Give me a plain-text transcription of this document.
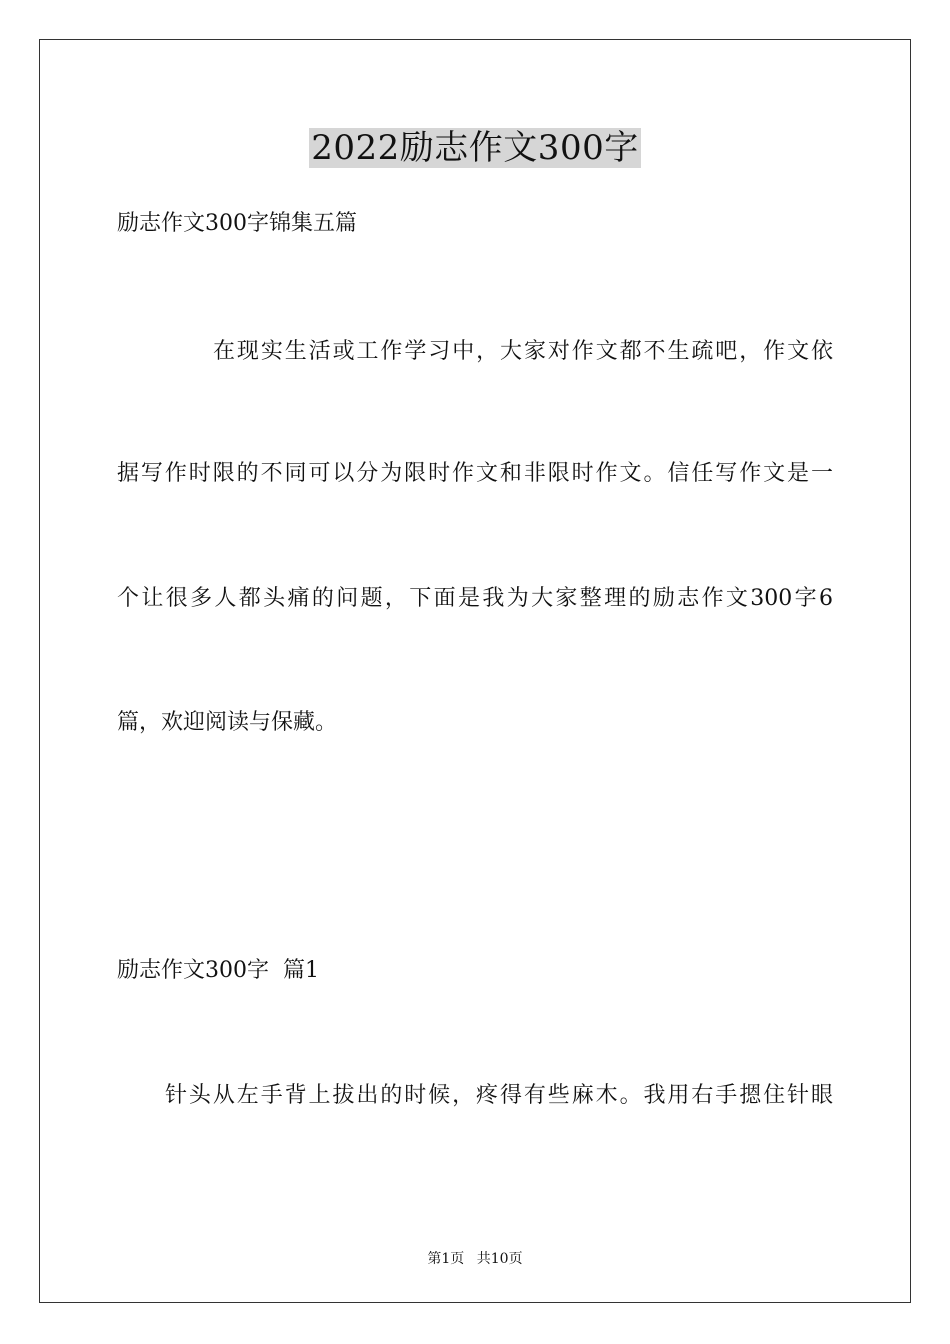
2022励志作文300字
励志作文300字锦集五篇
在现实生活或工作学习中，大家对作文都不生疏吧，作文依
据写作时限的不同可以分为限时作文和非限时作文。信任写作文是一
个让很多人都头痛的问题，下面是我为大家整理的励志作文300字6
篇，欢迎阅读与保藏。
励志作文300字  篇1
针头从左手背上拔出的时候，疼得有些麻木。我用右手摁住针眼
第1页 共10页
